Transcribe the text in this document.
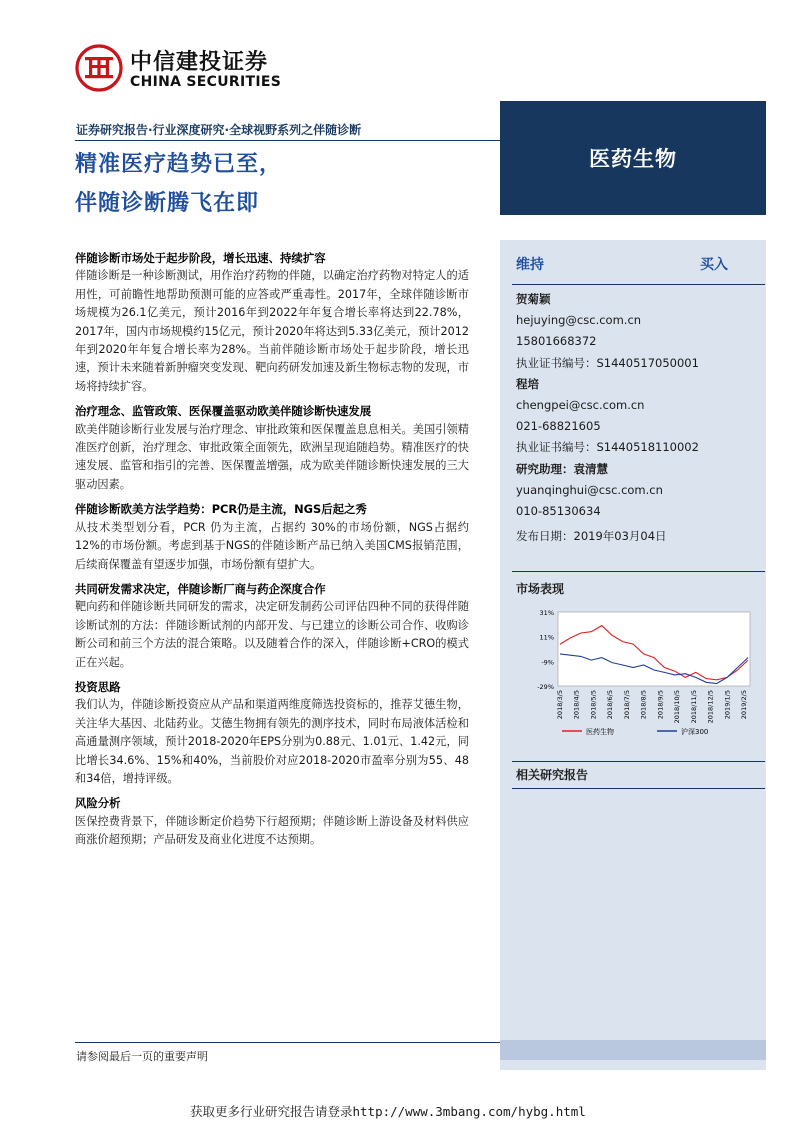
中信建投证券
CHINA SECURITIES
证券研究报告·行业深度研究·全球视野系列之伴随诊断
精准医疗趋势已至，
伴随诊断腾飞在即
医药生物
伴随诊断市场处于起步阶段，增长迅速、持续扩容
伴随诊断是一种诊断测试，用作治疗药物的伴随，以确定治疗药物对特定人的适用性，可前瞻性地帮助预测可能的应答或严重毒性。2017年，全球伴随诊断市场规模为26.1亿美元，预计2016年到2022年年复合增长率将达到22.78%，2017年，国内市场规模约15亿元，预计2020年将达到5.33亿美元，预计2012年到2020年年复合增长率为28%。当前伴随诊断市场处于起步阶段，增长迅速，预计未来随着新肿瘤突变发现、靶向药研发加速及新生物标志物的发现，市场将持续扩容。
治疗理念、监管政策、医保覆盖驱动欧美伴随诊断快速发展
欧美伴随诊断行业发展与治疗理念、审批政策和医保覆盖息息相关。美国引领精准医疗创新，治疗理念、审批政策全面领先，欧洲呈现追随趋势。精准医疗的快速发展、监管和指引的完善、医保覆盖增强，成为欧美伴随诊断快速发展的三大驱动因素。
伴随诊断欧美方法学趋势：PCR仍是主流，NGS后起之秀
从技术类型划分看，PCR 仍为主流，占据约 30%的市场份额，NGS占据约12%的市场份额。考虑到基于NGS的伴随诊断产品已纳入美国CMS报销范围，后续商保覆盖有望逐步加强，市场份额有望扩大。
共同研发需求决定，伴随诊断厂商与药企深度合作
靶向药和伴随诊断共同研发的需求，决定研发制药公司评估四种不同的获得伴随诊断试剂的方法：伴随诊断试剂的内部开发、与已建立的诊断公司合作、收购诊断公司和前三个方法的混合策略。以及随着合作的深入，伴随诊断+CRO的模式正在兴起。
投资思路
我们认为，伴随诊断投资应从产品和渠道两维度筛选投资标的，推荐艾德生物，关注华大基因、北陆药业。艾德生物拥有领先的测序技术，同时布局液体活检和高通量测序领域，预计2018-2020年EPS分别为0.88元、1.01元、1.42元，同比增长34.6%、15%和40%，当前股价对应2018-2020市盈率分别为55、48和34倍，增持评级。
风险分析
医保控费背景下，伴随诊断定价趋势下行超预期；伴随诊断上游设备及材料供应商涨价超预期；产品研发及商业化进度不达预期。
维持	买入
贺菊颖
hejuying@csc.com.cn
15801668372
执业证书编号：S1440517050001
程培
chengpei@csc.com.cn
021-68821605
执业证书编号：S1440518110002
研究助理：袁清慧
yuanqinghui@csc.com.cn
010-85130634
发布日期：2019年03月04日
市场表现
31%
11%
-9%
-29%
2018/3/5 2018/4/5 2018/5/5 2018/6/5 2018/7/5 2018/8/5 2018/9/5 2018/10/5 2018/11/5 2018/12/5 2019/1/5 2019/2/5
医药生物	沪深300
相关研究报告
请参阅最后一页的重要声明
获取更多行业研究报告请登录http://www.3mbang.com/hybg.html
